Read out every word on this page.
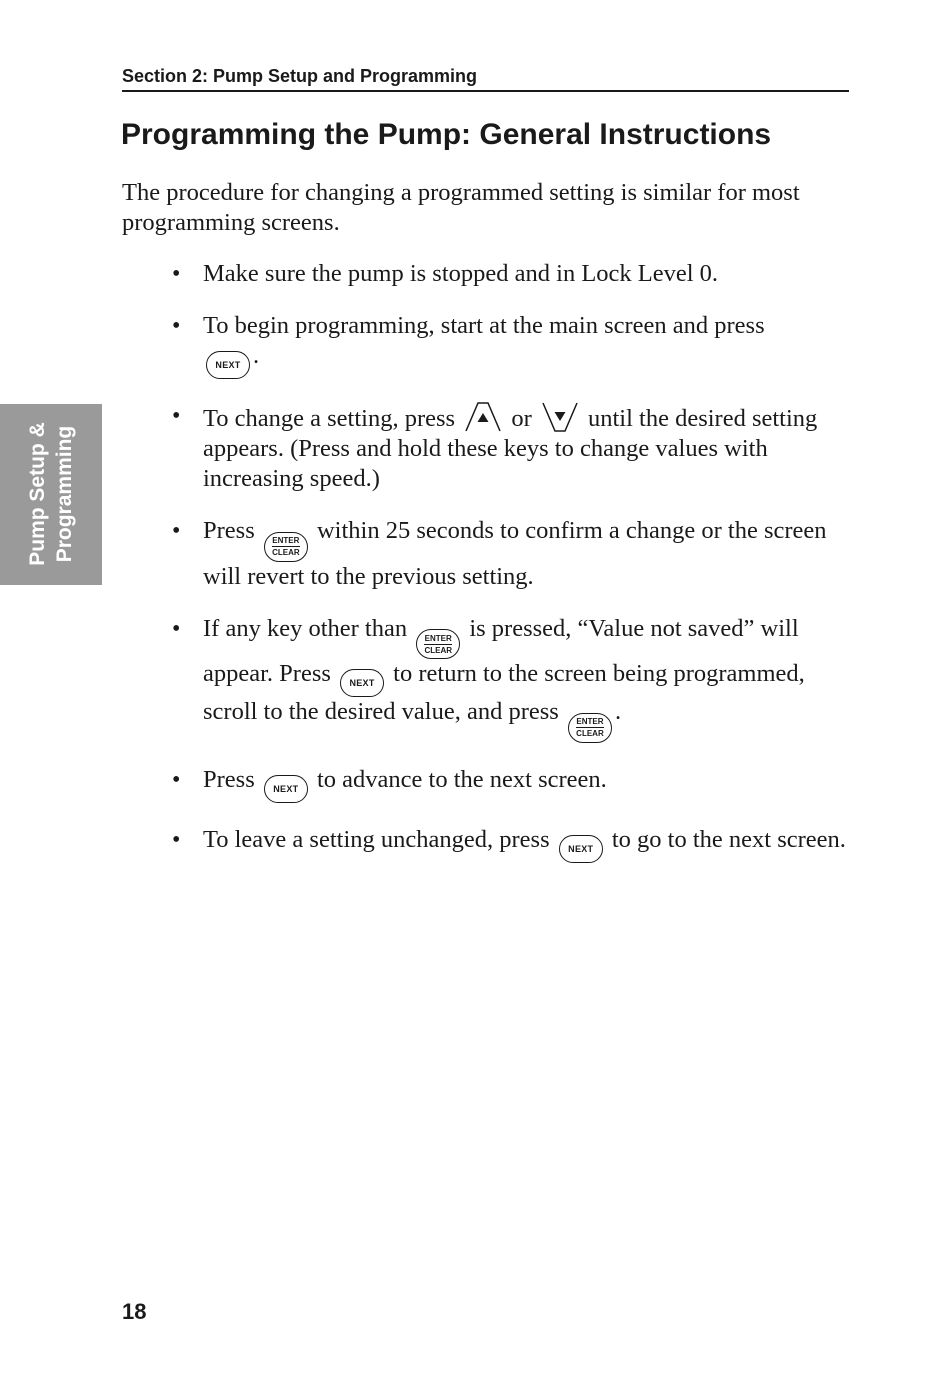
Section 2: Pump Setup and Programming
Programming the Pump: General Instructions

The procedure for changing a programmed setting is similar for most programming screens.

• Make sure the pump is stopped and in Lock Level 0.
• To begin programming, start at the main screen and press
NEXT .
• To change a setting, press or until the desired setting appears. (Press and hold these keys to change values with increasing speed.)
• Press ENTER
CLEAR
within 25 seconds to confirm a change or the screen will revert to the previous setting.
• If any key other than ENTER
CLEAR
is pressed, “Value not saved” will appear. Press NEXT to return to the screen being programmed, scroll to the desired value, and press ENTER
CLEAR
.
• Press NEXT to advance to the next screen.
• To leave a setting unchanged, press NEXT to go to the next screen.
Pump Setup & Programming
18
